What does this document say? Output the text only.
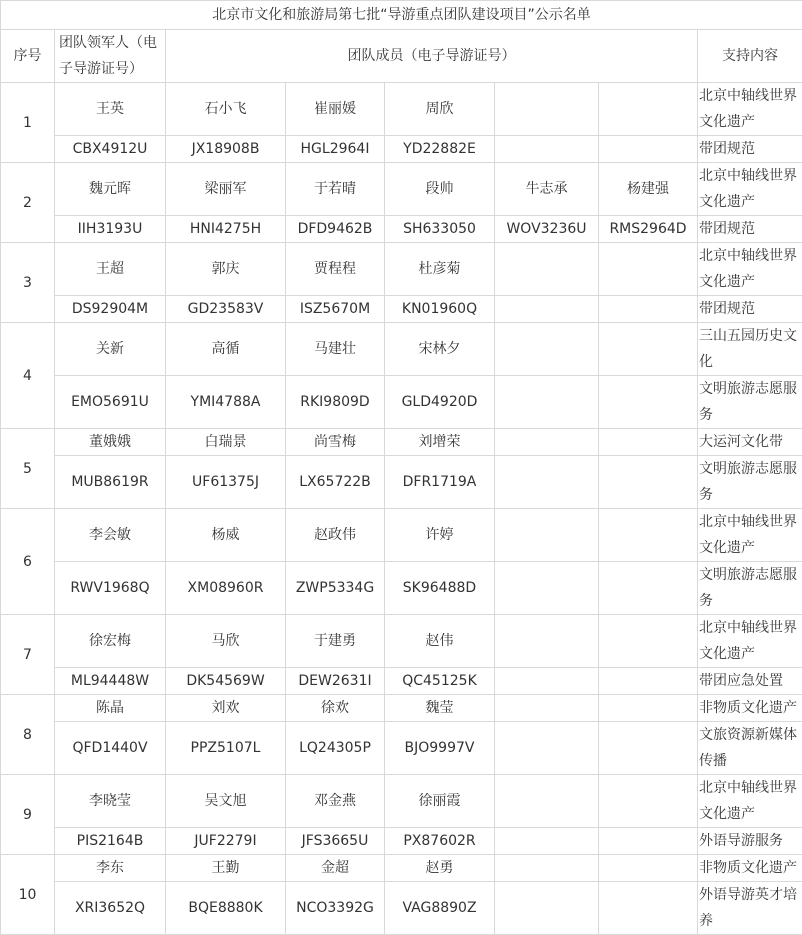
北京市文化和旅游局第七批“导游重点团队建设项目”公示名单							
序号	团队领军人（电子导游证号）	团队成员（电子导游证号）					支持内容
1	王英	石小飞	崔丽媛	周欣			北京中轴线世界文化遗产
	CBX4912U	JX18908B	HGL2964I	YD22882E			带团规范
2	魏元晖	梁丽军	于若晴	段帅	牛志承	杨建强	北京中轴线世界文化遗产
	IIH3193U	HNI4275H	DFD9462B	SH633050	WOV3236U	RMS2964D	带团规范
3	王超	郭庆	贾程程	杜彦菊			北京中轴线世界文化遗产
	DS92904M	GD23583V	ISZ5670M	KN01960Q			带团规范
4	关新	高循	马建壮	宋林夕			三山五园历史文化
	EMO5691U	YMI4788A	RKI9809D	GLD4920D			文明旅游志愿服务
5	董娥娥	白瑞景	尚雪梅	刘增荣			大运河文化带
	MUB8619R	UF61375J	LX65722B	DFR1719A			文明旅游志愿服务
6	李会敏	杨威	赵政伟	许婷			北京中轴线世界文化遗产
	RWV1968Q	XM08960R	ZWP5334G	SK96488D			文明旅游志愿服务
7	徐宏梅	马欣	于建勇	赵伟			北京中轴线世界文化遗产
	ML94448W	DK54569W	DEW2631I	QC45125K			带团应急处置
8	陈晶	刘欢	徐欢	魏莹			非物质文化遗产
	QFD1440V	PPZ5107L	LQ24305P	BJO9997V			文旅资源新媒体传播
9	李晓莹	吴文旭	邓金燕	徐丽霞			北京中轴线世界文化遗产
	PIS2164B	JUF2279I	JFS3665U	PX87602R			外语导游服务
10	李东	王勤	金超	赵勇			非物质文化遗产
	XRI3652Q	BQE8880K	NCO3392G	VAG8890Z			外语导游英才培养
